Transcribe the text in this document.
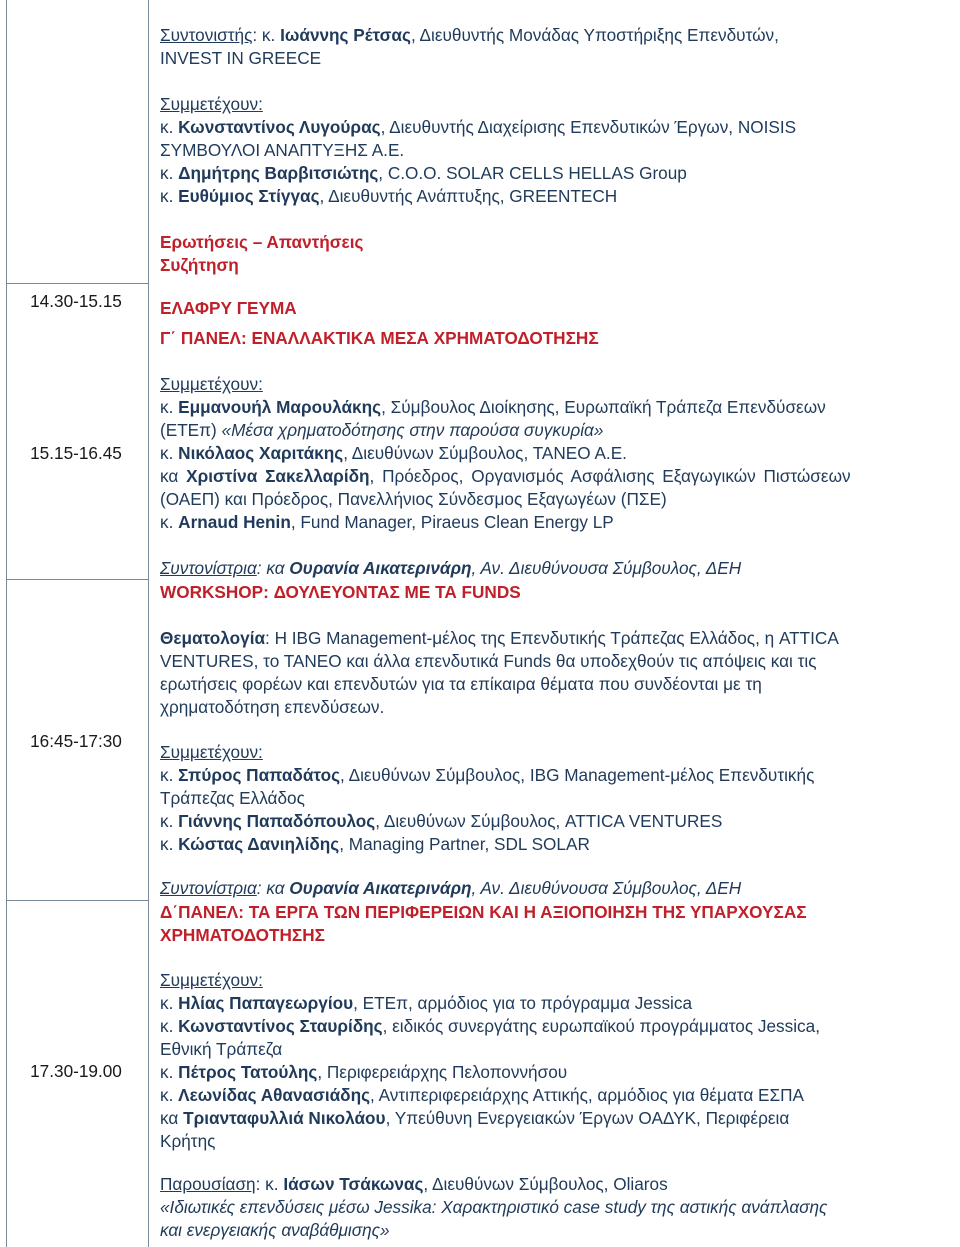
14.30-15.15
15.15-16.45
16:45-17:30
17.30-19.00
Συντονιστής: κ. Ιωάννης Ρέτσας, Διευθυντής Μονάδας Υποστήριξης Επενδυτών,
INVEST IN GREECE
Συμμετέχουν:
κ. Κωνσταντίνος Λυγούρας, Διευθυντής Διαχείρισης Επενδυτικών Έργων, NOISIS
ΣΥΜΒΟΥΛΟΙ ΑΝΑΠΤΥΞΗΣ Α.Ε.
κ. Δημήτρης Βαρβιτσιώτης, C.O.O. SOLAR CELLS HELLAS Group
κ. Ευθύμιος Στίγγας, Διευθυντής Ανάπτυξης, GREENTECH
Ερωτήσεις – Απαντήσεις
Συζήτηση
ΕΛΑΦΡΥ ΓΕΥΜΑ
Γ΄ ΠΑΝΕΛ: ΕΝΑΛΛΑΚΤΙΚΑ ΜΕΣΑ ΧΡΗΜΑΤΟΔΟΤΗΣΗΣ
Συμμετέχουν:
κ. Εμμανουήλ Μαρουλάκης, Σύμβουλος Διοίκησης, Ευρωπαϊκή Τράπεζα Επενδύσεων
(ΕΤΕπ) «Μέσα χρηματοδότησης στην παρούσα συγκυρία»
κ. Νικόλαος Χαριτάκης, Διευθύνων Σύμβουλος, ΤΑΝΕΟ Α.Ε.
κα Χριστίνα Σακελλαρίδη, Πρόεδρος, Οργανισμός Ασφάλισης Εξαγωγικών Πιστώσεων
(ΟΑΕΠ) και Πρόεδρος, Πανελλήνιος Σύνδεσμος Εξαγωγέων (ΠΣΕ)
κ. Arnaud Henin, Fund Manager, Piraeus Clean Energy LP
Συντονίστρια: κα Ουρανία Αικατερινάρη, Αν. Διευθύνουσα Σύμβουλος, ΔΕΗ
WORKSHOP: ΔΟΥΛΕΥΟΝΤΑΣ ΜΕ ΤΑ FUNDS
Θεματολογία: Η IBG Management-μέλος της Επενδυτικής Τράπεζας Ελλάδος, η ATTICA
VENTURES, το ΤΑΝΕΟ και άλλα επενδυτικά Funds θα υποδεχθούν τις απόψεις και τις
ερωτήσεις φορέων και επενδυτών για τα επίκαιρα θέματα που συνδέονται με τη
χρηματοδότηση επενδύσεων.
Συμμετέχουν:
κ. Σπύρος Παπαδάτος, Διευθύνων Σύμβουλος, IBG Management-μέλος Επενδυτικής
Τράπεζας Ελλάδος
κ. Γιάννης Παπαδόπουλος, Διευθύνων Σύμβουλος, ATTICA VENTURES
κ. Κώστας Δανιηλίδης, Managing Partner, SDL SOLAR
Συντονίστρια: κα Ουρανία Αικατερινάρη, Αν. Διευθύνουσα Σύμβουλος, ΔΕΗ
Δ΄ΠΑΝΕΛ: ΤΑ ΕΡΓΑ ΤΩΝ ΠΕΡΙΦΕΡΕΙΩΝ ΚΑΙ Η ΑΞΙΟΠΟΙΗΣΗ ΤΗΣ ΥΠΑΡΧΟΥΣΑΣ
ΧΡΗΜΑΤΟΔΟΤΗΣΗΣ
Συμμετέχουν:
κ. Ηλίας Παπαγεωργίου, ΕΤΕπ, αρμόδιος για το πρόγραμμα Jessica
κ. Κωνσταντίνος Σταυρίδης, ειδικός συνεργάτης ευρωπαϊκού προγράμματος Jessica,
Εθνική Τράπεζα
κ. Πέτρος Τατούλης, Περιφερειάρχης Πελοποννήσου
κ. Λεωνίδας Αθανασιάδης, Αντιπεριφερειάρχης Αττικής, αρμόδιος για θέματα ΕΣΠΑ
κα Τριανταφυλλιά Νικολάου, Υπεύθυνη Ενεργειακών Έργων ΟΑΔΥΚ, Περιφέρεια
Κρήτης
Παρουσίαση: κ. Ιάσων Τσάκωνας, Διευθύνων Σύμβουλος, Oliaros
«Ιδιωτικές επενδύσεις μέσω Jessika: Χαρακτηριστικό case study της αστικής ανάπλασης
και ενεργειακής αναβάθμισης»
